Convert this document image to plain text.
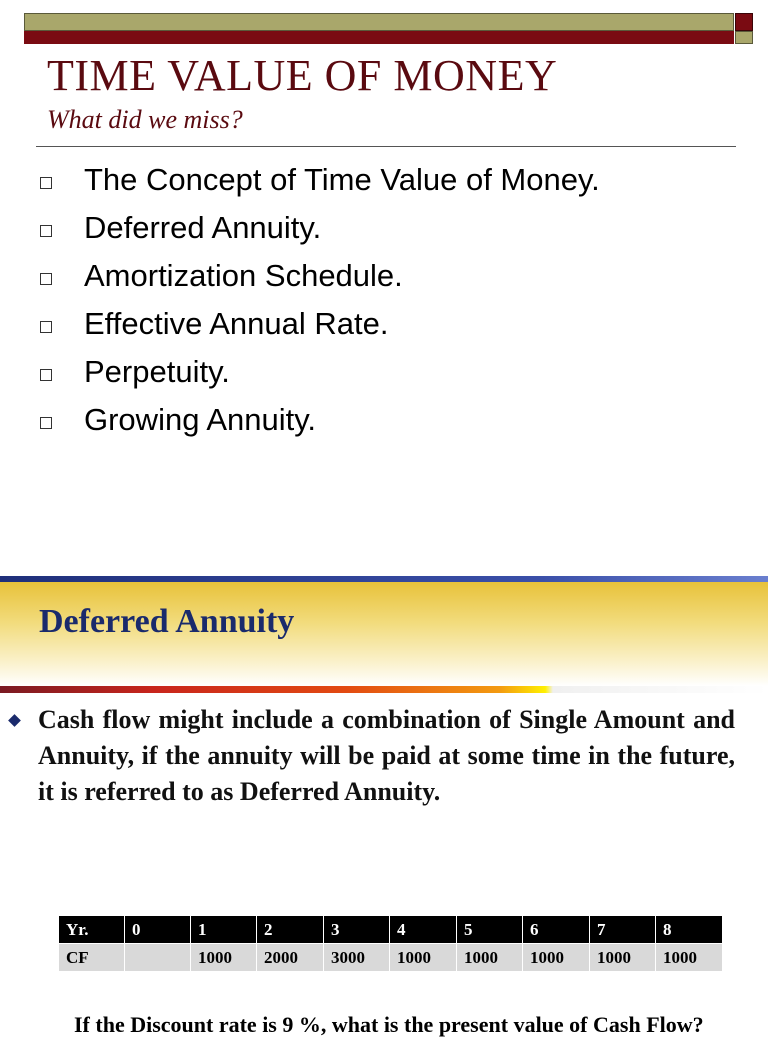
TIME VALUE OF MONEY
What did we miss?
The Concept of Time Value of Money.
Deferred Annuity.
Amortization Schedule.
Effective Annual Rate.
Perpetuity.
Growing Annuity.
Deferred Annuity

Cash flow might include a combination of Single Amount and Annuity, if the annuity will be paid at some time in the future, it is referred to as Deferred Annuity.

Yr.	0	1	2	3	4	5	6	7	8
CF		1000	2000	3000	1000	1000	1000	1000	1000
If the Discount rate is 9 %, what is the present value of Cash Flow?
